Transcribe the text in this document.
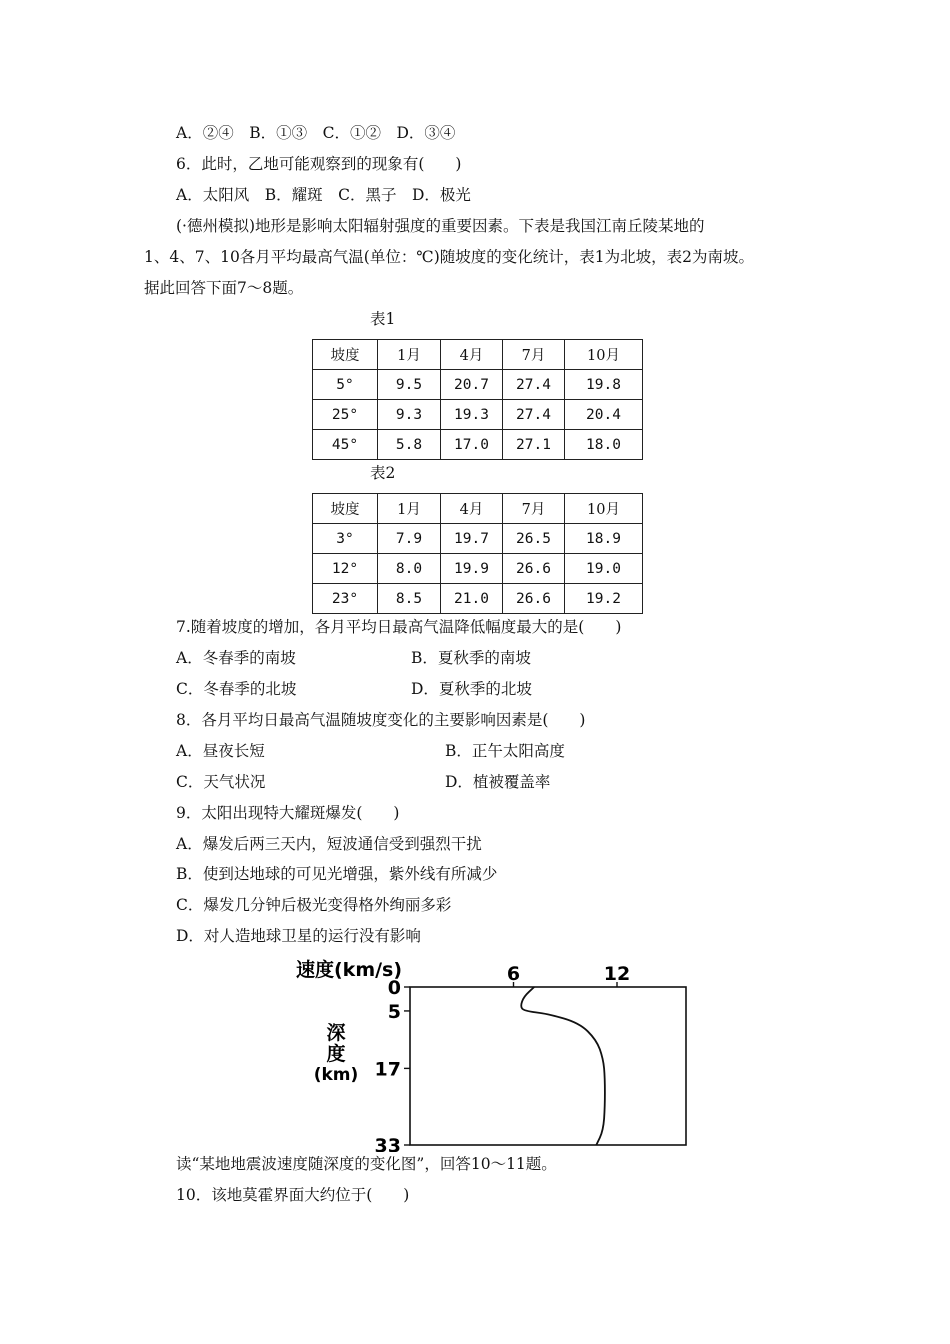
A．②④　B．①③　C．①②　D．③④
6．此时，乙地可能观察到的现象有(　　)
A．太阳风　B．耀斑　C．黑子　D．极光
(·德州模拟)地形是影响太阳辐射强度的重要因素。下表是我国江南丘陵某地的
1、4、7、10各月平均最高气温(单位：℃)随坡度的变化统计，表1为北坡，表2为南坡。
据此回答下面7～8题。
表1
坡度	1月	4月	7月	10月
5°	9.5	20.7	27.4	19.8
25°	9.3	19.3	27.4	20.4
45°	5.8	17.0	27.1	18.0
表2
坡度	1月	4月	7月	10月
3°	7.9	19.7	26.5	18.9
12°	8.0	19.9	26.6	19.0
23°	8.5	21.0	26.6	19.2
7.随着坡度的增加，各月平均日最高气温降低幅度最大的是(　　)
A．冬春季的南坡	B．夏秋季的南坡
C．冬春季的北坡	D．夏秋季的北坡
8．各月平均日最高气温随坡度变化的主要影响因素是(　　)
A．昼夜长短	B．正午太阳高度
C．天气状况	D．植被覆盖率
9．太阳出现特大耀斑爆发(　　)
A．爆发后两三天内，短波通信受到强烈干扰
B．使到达地球的可见光增强，紫外线有所减少
C．爆发几分钟后极光变得格外绚丽多彩
D．对人造地球卫星的运行没有影响
速度(km/s)
深
度
(km)
6	12
0
5
17
33
读“某地地震波速度随深度的变化图”，回答10～11题。
10．该地莫霍界面大约位于(　　)
